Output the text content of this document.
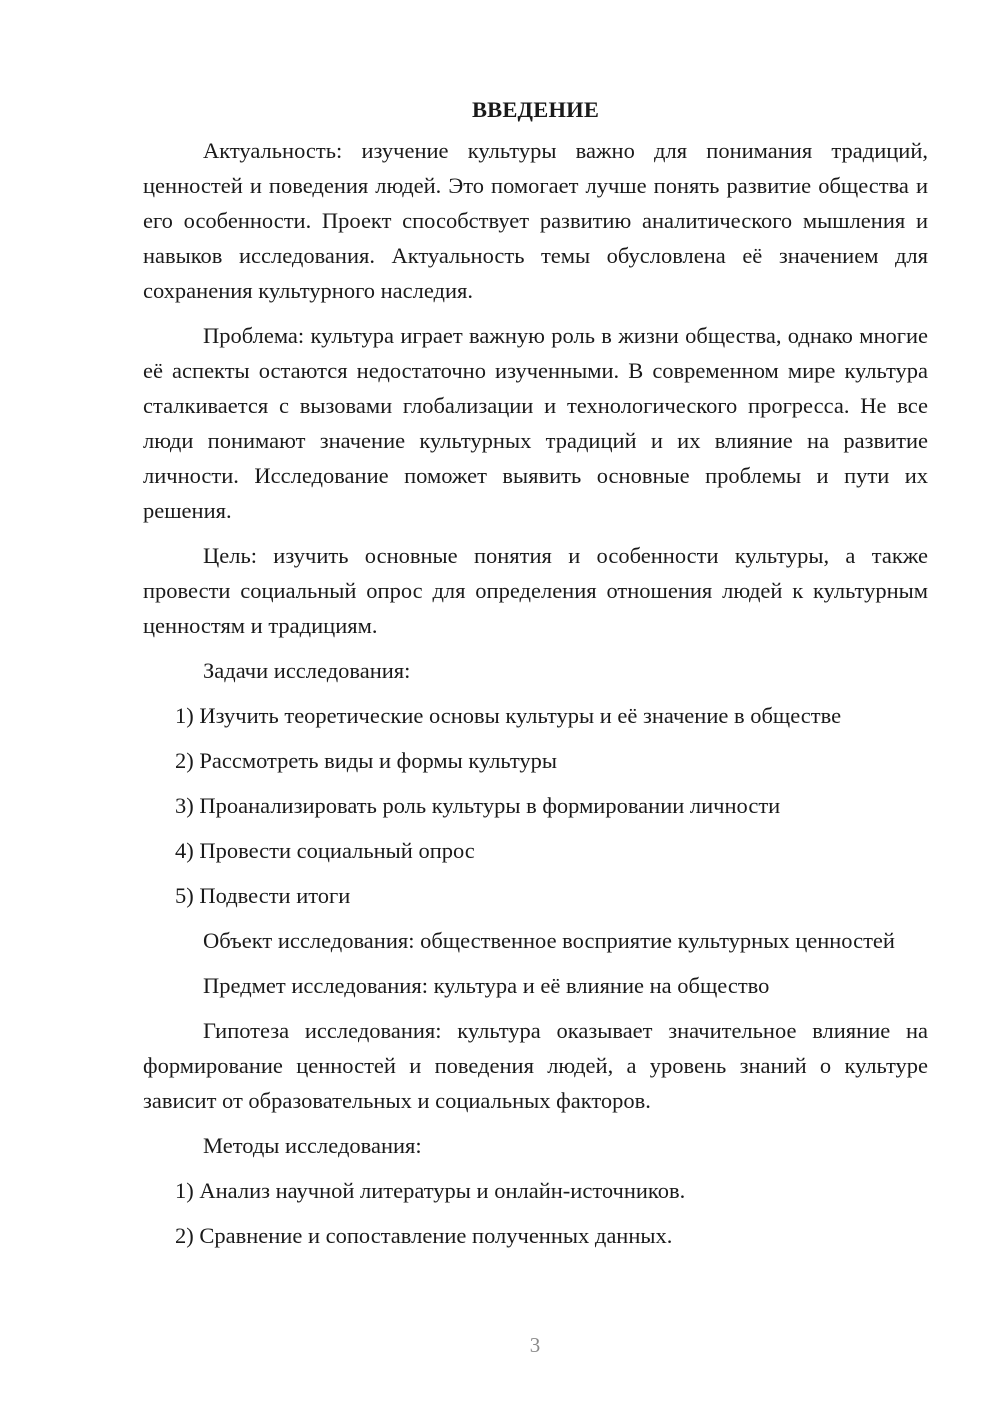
ВВЕДЕНИЕ

Актуальность: изучение культуры важно для понимания традиций, ценностей и поведения людей. Это помогает лучше понять развитие общества и его особенности. Проект способствует развитию аналитического мышления и навыков исследования. Актуальность темы обусловлена её значением для сохранения культурного наследия.

Проблема: культура играет важную роль в жизни общества, однако многие её аспекты остаются недостаточно изученными. В современном мире культура сталкивается с вызовами глобализации и технологического прогресса. Не все люди понимают значение культурных традиций и их влияние на развитие личности. Исследование поможет выявить основные проблемы и пути их решения.

Цель: изучить основные понятия и особенности культуры, а также провести социальный опрос для определения отношения людей к культурным ценностям и традициям.

Задачи исследования:

1) Изучить теоретические основы культуры и её значение в обществе
2) Рассмотреть виды и формы культуры
3) Проанализировать роль культуры в формировании личности
4) Провести социальный опрос
5) Подвести итоги

Объект исследования: общественное восприятие культурных ценностей

Предмет исследования: культура и её влияние на общество

Гипотеза исследования: культура оказывает значительное влияние на формирование ценностей и поведения людей, а уровень знаний о культуре зависит от образовательных и социальных факторов.

Методы исследования:

1) Анализ научной литературы и онлайн-источников.
2) Сравнение и сопоставление полученных данных.
3
